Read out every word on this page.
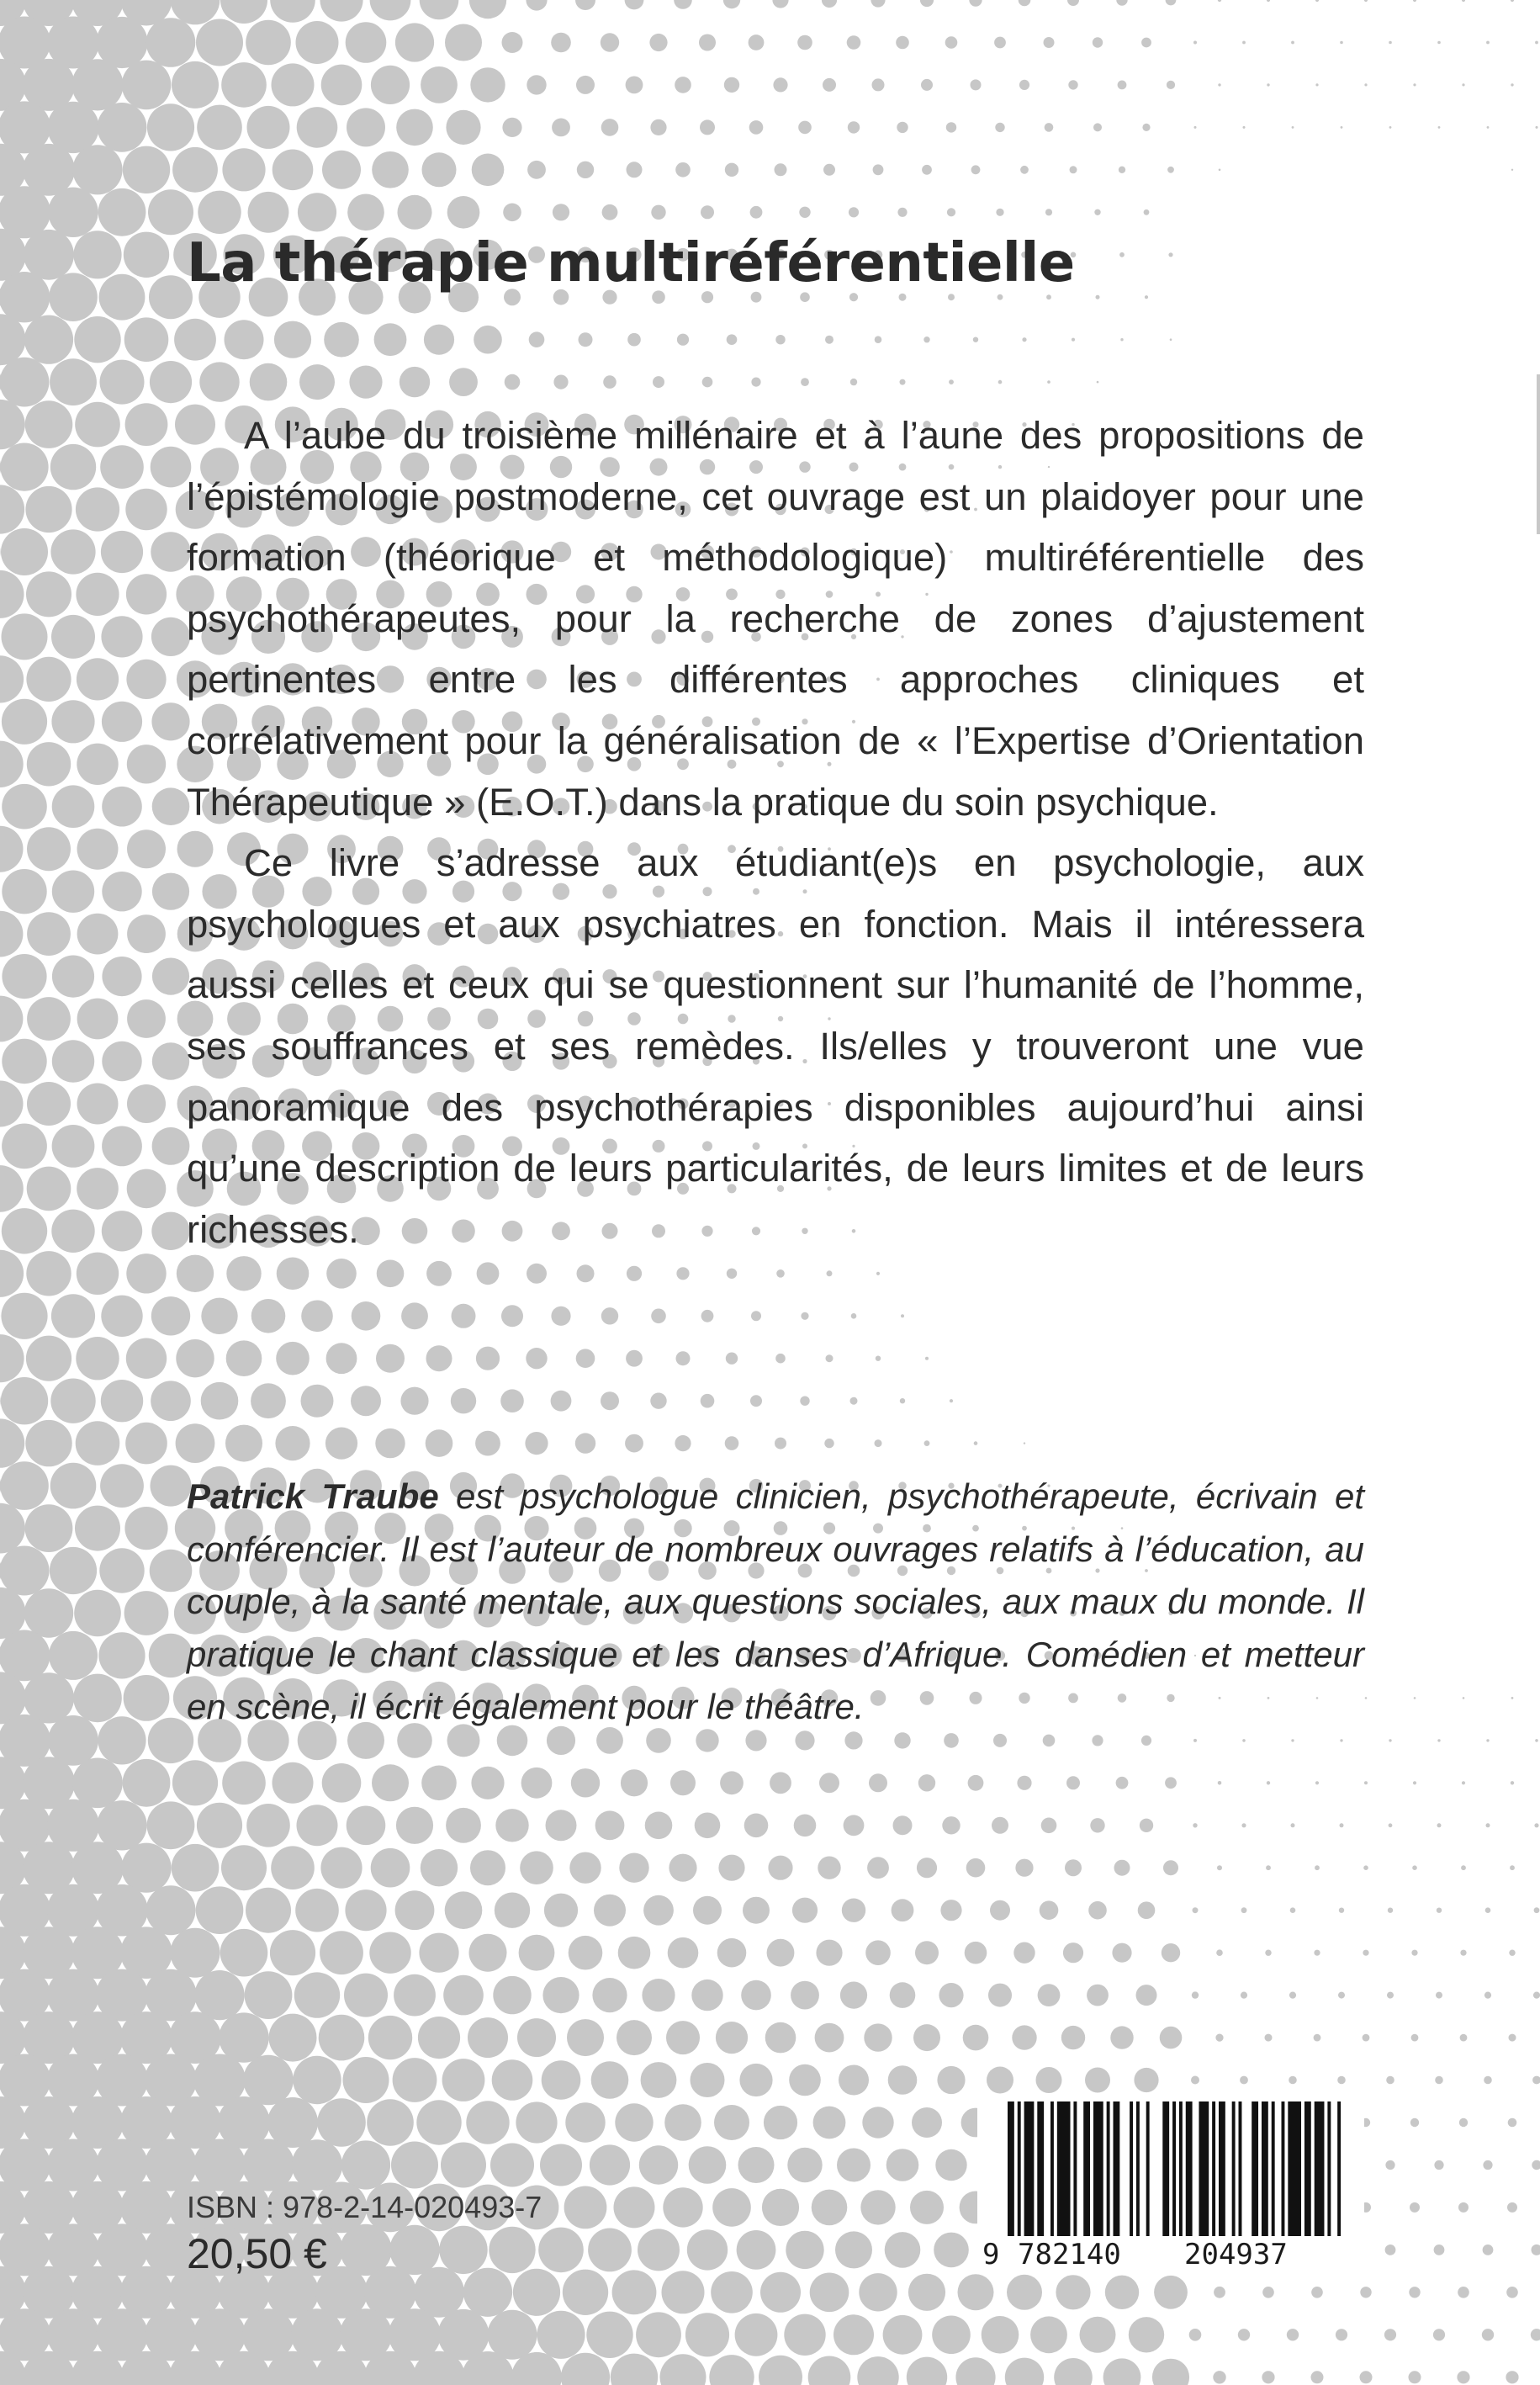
La thérapie multiréférentielle

A l’aube du troisième millénaire et à l’aune des propositions de l’épistémologie postmoderne, cet ouvrage est un plaidoyer pour une formation (théorique et méthodologique) multiréférentielle des psychothérapeutes, pour la recherche de zones d’ajustement pertinentes entre les différentes approches cliniques et corrélativement pour la généralisation de « l’Expertise d’Orientation Thérapeutique » (E.O.T.) dans la pratique du soin psychique.

Ce livre s’adresse aux étudiant(e)s en psychologie, aux psychologues et aux psychiatres en fonction. Mais il intéressera aussi celles et ceux qui se questionnent sur l’humanité de l’homme, ses souffrances et ses remèdes. Ils/elles y trouveront une vue panoramique des psychothérapies disponibles aujourd’hui ainsi qu’une description de leurs particularités, de leurs limites et de leurs richesses.

Patrick Traube est psychologue clinicien, psychothérapeute, écrivain et conférencier. Il est l’auteur de nombreux ouvrages relatifs à l’éducation, au couple, à la santé mentale, aux questions sociales, aux maux du monde. Il pratique le chant classique et les danses d’Afrique. Comédien et metteur en scène, il écrit également pour le théâtre.

ISBN : 978-2-14-020493-7
20,50 €	9 782140 204937
